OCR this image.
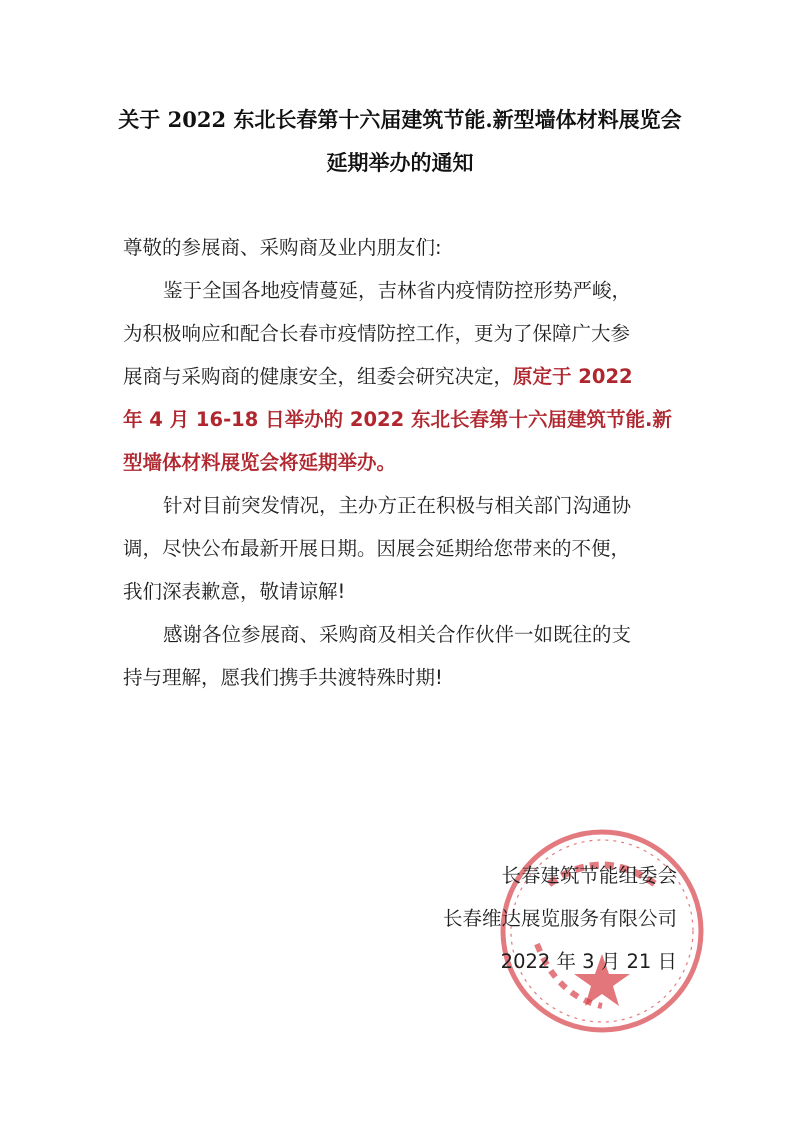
关于 2022 东北长春第十六届建筑节能.新型墙体材料展览会
延期举办的通知
尊敬的参展商、采购商及业内朋友们:
鉴于全国各地疫情蔓延，吉林省内疫情防控形势严峻，
为积极响应和配合长春市疫情防控工作，更为了保障广大参
展商与采购商的健康安全，组委会研究决定，原定于 2022
年 4 月 16-18 日举办的 2022 东北长春第十六届建筑节能.新
型墙体材料展览会将延期举办。
针对目前突发情况，主办方正在积极与相关部门沟通协
调，尽快公布最新开展日期。因展会延期给您带来的不便，
我们深表歉意，敬请谅解!
感谢各位参展商、采购商及相关合作伙伴一如既往的支
持与理解，愿我们携手共渡特殊时期!
长春建筑节能组委会
长春维达展览服务有限公司
2022 年 3 月 21 日
